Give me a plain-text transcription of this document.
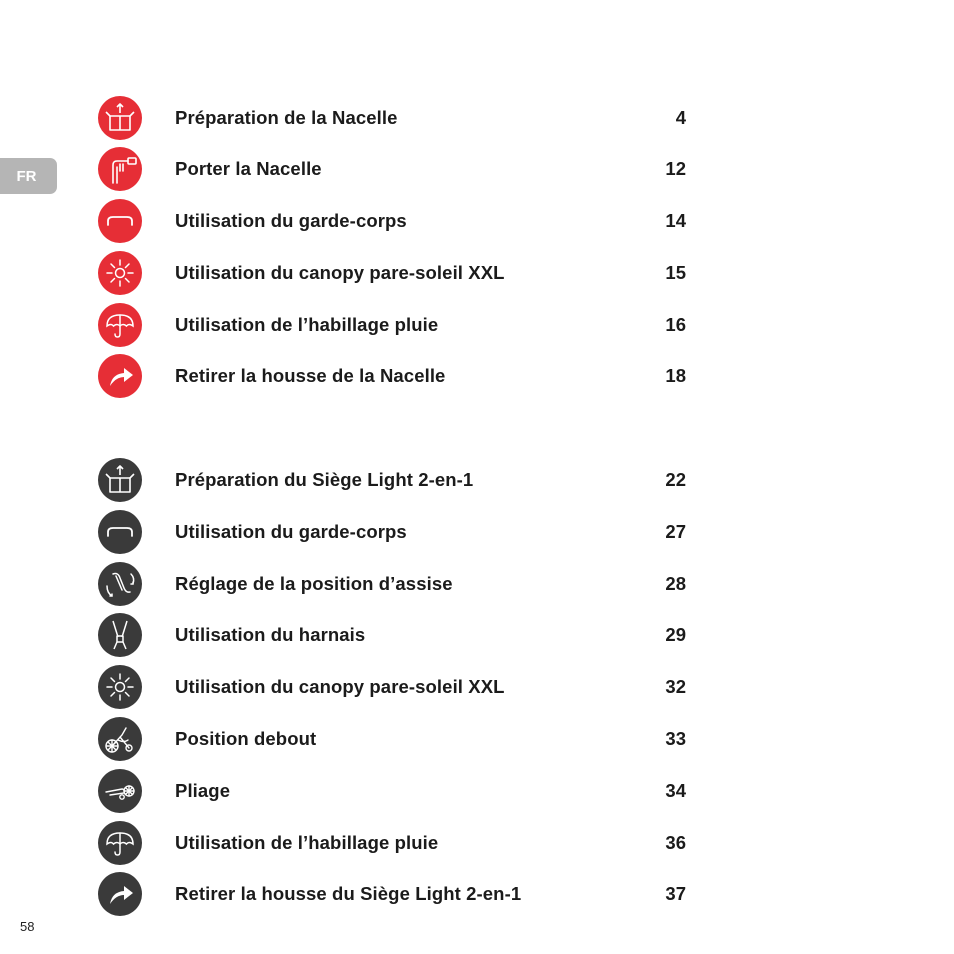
FR
Préparation de la Nacelle	4
Porter la Nacelle	12
Utilisation du garde-corps	14
Utilisation du canopy pare-soleil XXL	15
Utilisation de l’habillage pluie	16
Retirer la housse de la Nacelle	18
Préparation du Siège Light 2-en-1	22
Utilisation du garde-corps	27
Réglage de la position d’assise	28
Utilisation du harnais	29
Utilisation du canopy pare-soleil XXL	32
Position debout	33
Pliage	34
Utilisation de l’habillage pluie	36
Retirer la housse du Siège Light 2-en-1	37
58
